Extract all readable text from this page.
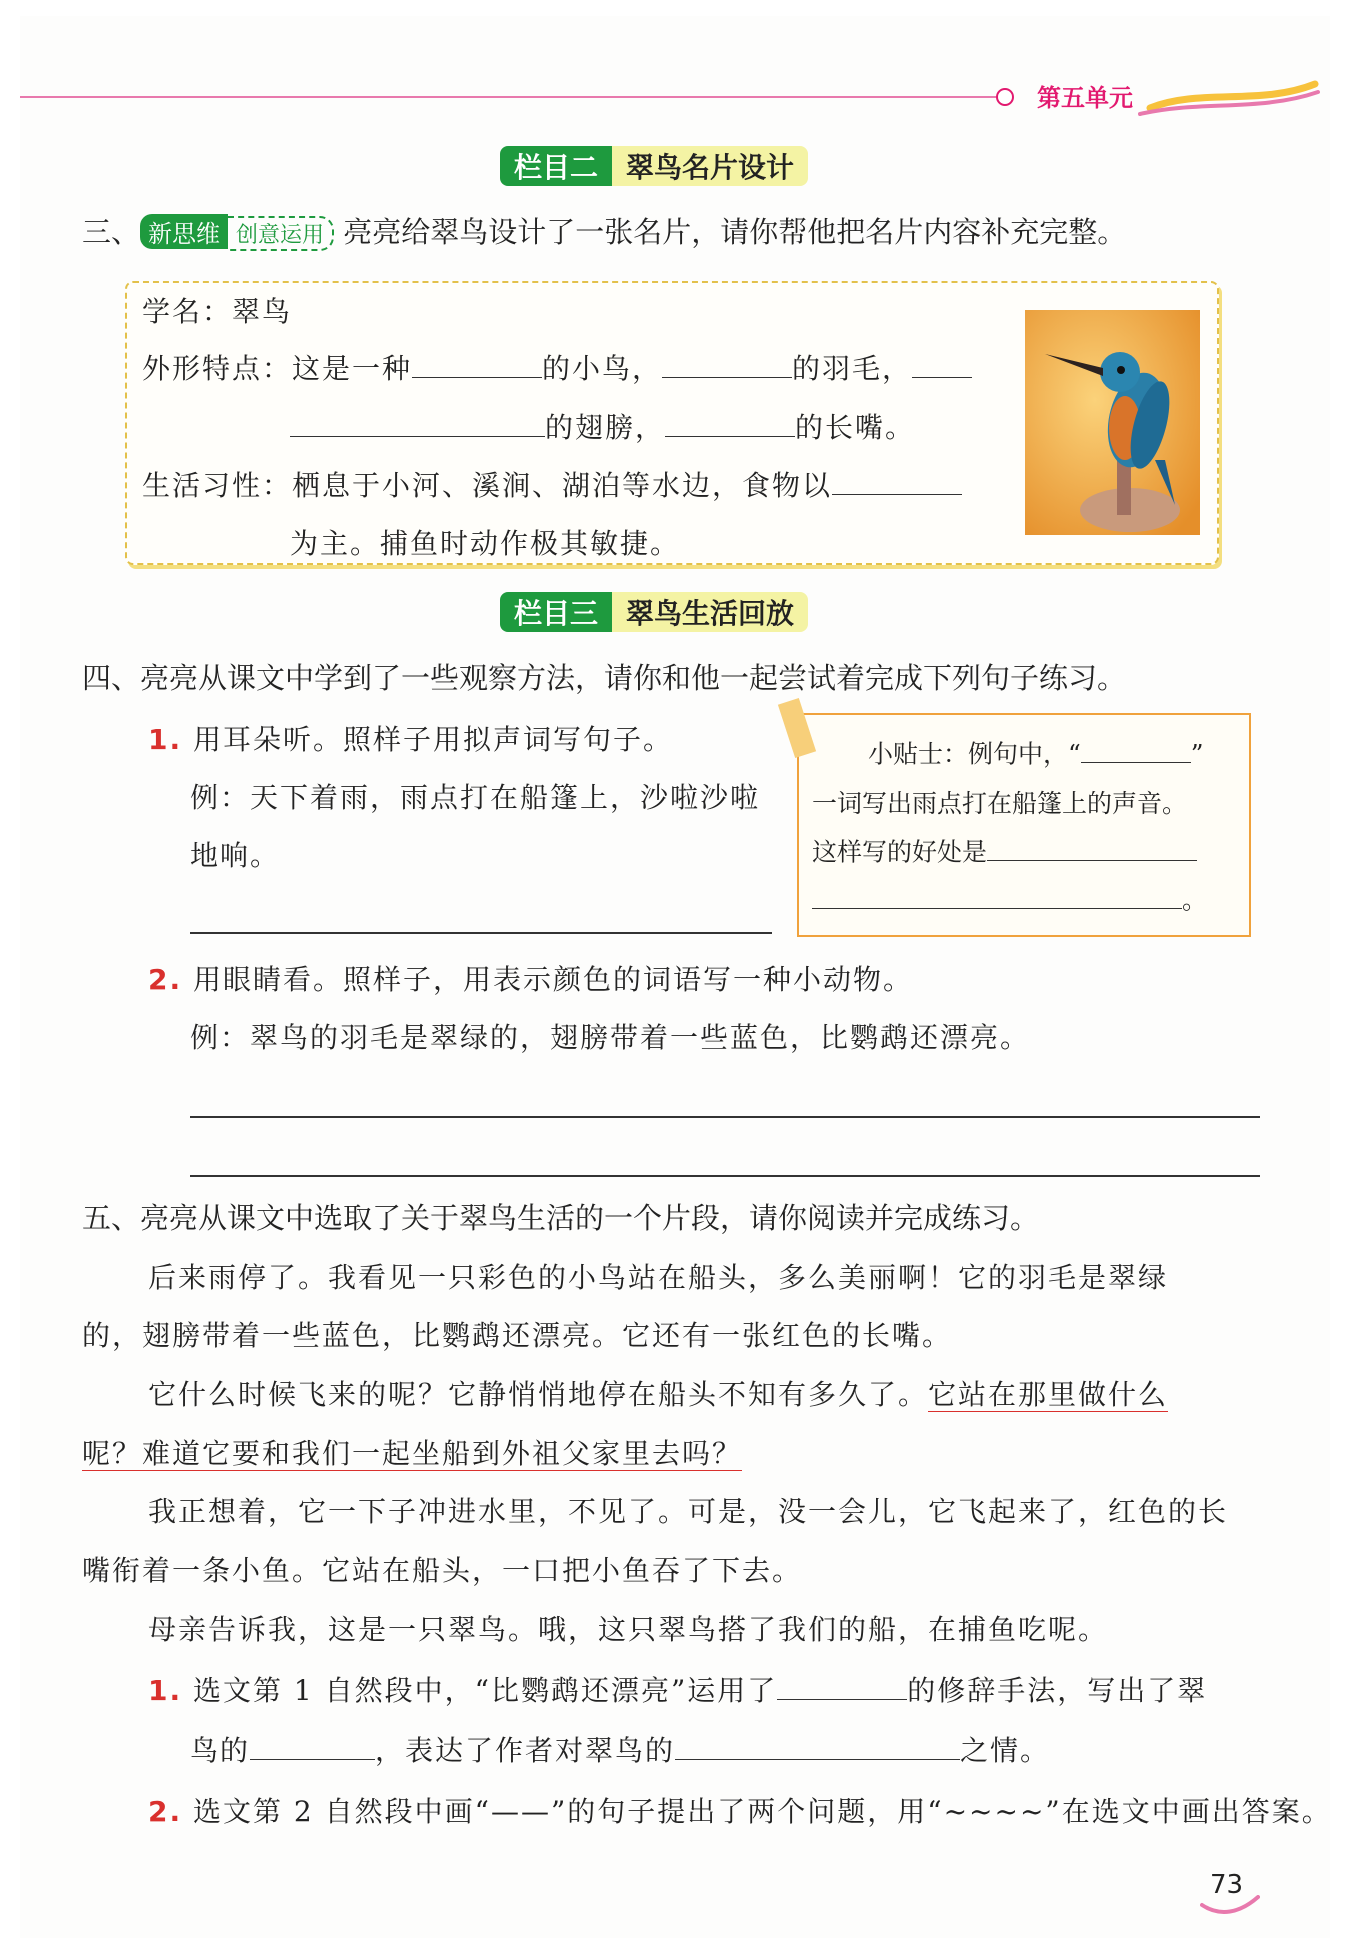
第五单元
栏目二	翠鸟名片设计
三、 新思维 创意运用 亮亮给翠鸟设计了一张名片，请你帮他把名片内容补充完整。
学名：翠鸟
外形特点：这是一种	的小鸟，	的羽毛，
的翅膀，	的长嘴。
生活习性：栖息于小河、溪涧、湖泊等水边，食物以
为主。捕鱼时动作极其敏捷。
栏目三	翠鸟生活回放
四、亮亮从课文中学到了一些观察方法，请你和他一起尝试着完成下列句子练习。
1. 用耳朵听。照样子用拟声词写句子。
例：天下着雨，雨点打在船篷上，沙啦沙啦
地响。
小贴士：例句中，“	”
一词写出雨点打在船篷上的声音。
这样写的好处是
。
2. 用眼睛看。照样子，用表示颜色的词语写一种小动物。
例：翠鸟的羽毛是翠绿的，翅膀带着一些蓝色，比鹦鹉还漂亮。
五、亮亮从课文中选取了关于翠鸟生活的一个片段，请你阅读并完成练习。
后来雨停了。我看见一只彩色的小鸟站在船头，多么美丽啊！它的羽毛是翠绿
的，翅膀带着一些蓝色，比鹦鹉还漂亮。它还有一张红色的长嘴。
它什么时候飞来的呢？它静悄悄地停在船头不知有多久了。它站在那里做什么
呢？难道它要和我们一起坐船到外祖父家里去吗？
我正想着，它一下子冲进水里，不见了。可是，没一会儿，它飞起来了，红色的长
嘴衔着一条小鱼。它站在船头，一口把小鱼吞了下去。
母亲告诉我，这是一只翠鸟。哦，这只翠鸟搭了我们的船，在捕鱼吃呢。
1. 选文第 1 自然段中，“比鹦鹉还漂亮”运用了	的修辞手法，写出了翠
鸟的	，表达了作者对翠鸟的	之情。
2. 选文第 2 自然段中画“——”的句子提出了两个问题，用“~~~~”在选文中画出答案。
73
